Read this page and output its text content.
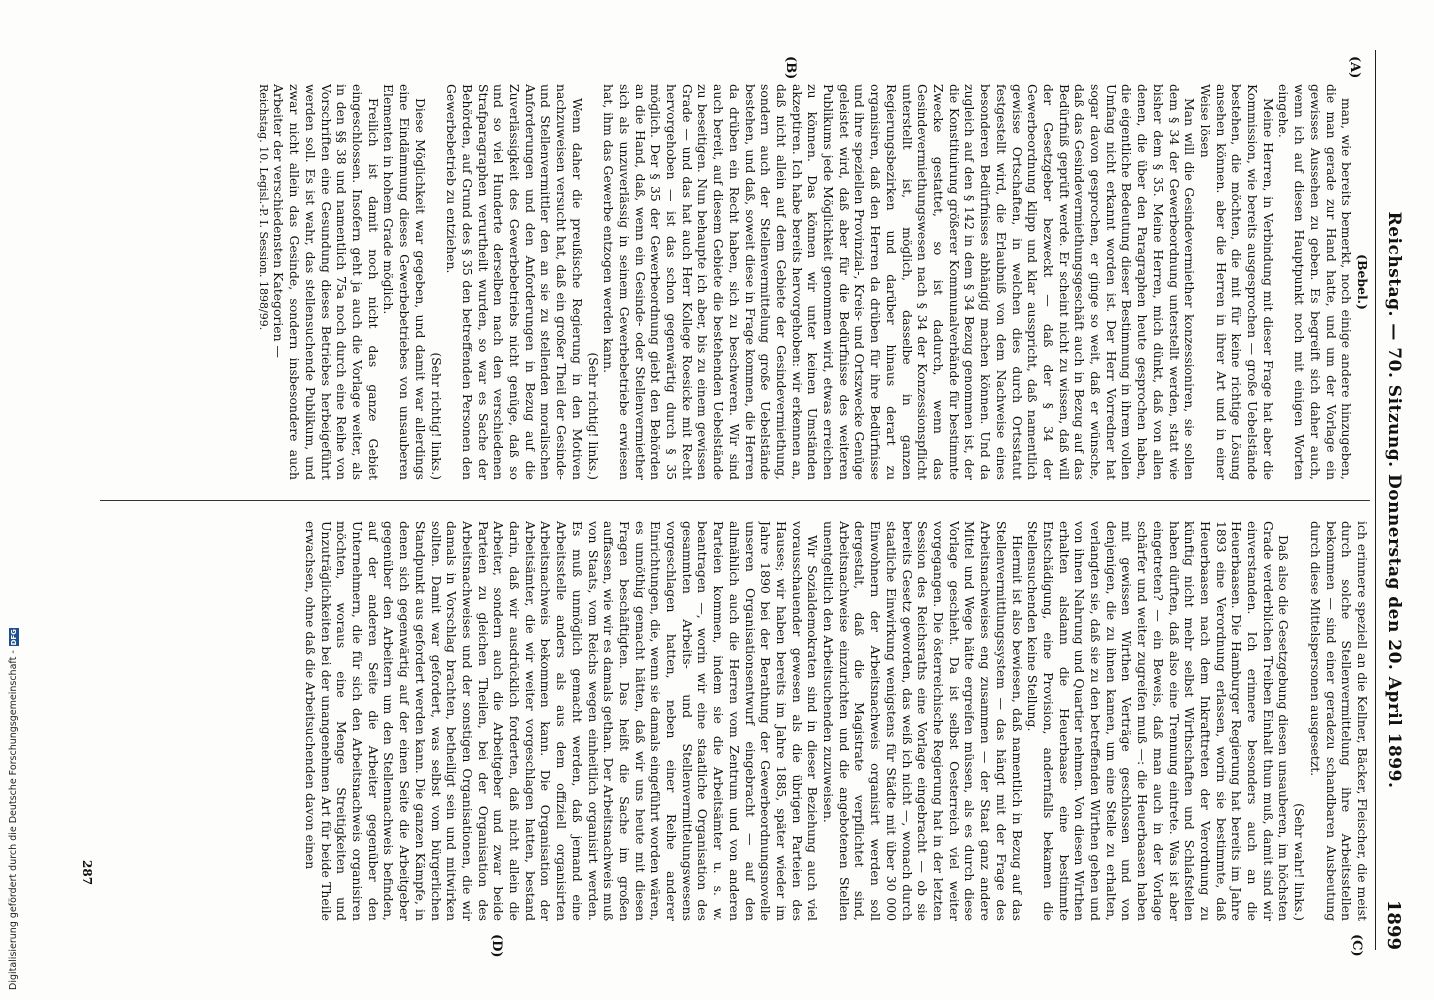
Reichstag. — 70. Sitzung. Donnerstag den 20. April 1899.
1899
(A)
(B)
(C)
(D)

(Bebel.)

man, wie bereits bemerkt, noch einige andere hinzugeben, die man gerade zur Hand hatte, und um der Vorlage ein gewisses Aussehen zu geben. Es begreift sich daher auch, wenn ich auf diesen Hauptpunkt noch mit einigen Worten eingehe.

Meine Herren, in Verbindung mit dieser Frage hat aber die Kommission, wie bereits ausgesprochen — große Uebelstände bestehen, die möchten, die mit für keine richtige Lösung ansehen können. aber die Herren in ihrer Art und in einer Weise lösen

Man will die Gesindevermiether konzessioniren, sie sollen dem § 34 der Gewerbeordnung unterstellt werden, statt wie bisher dem § 35. Meine Herren, mich dünkt, daß von allen denen, die über den Paragraphen heute gesprochen haben, die eigentliche Bedeutung dieser Bestimmung in ihrem vollen Umfang nicht erkannt worden ist. Der Herr Vorredner hat sogar davon gesprochen, er ginge so weit, daß er wünsche, daß das Gesindevermiethungsgeschäft auch in Bezug auf das Bedürfniß geprüft werde. Er scheint nicht zu wissen, daß will der Gesetzgeber bezweckt — daß der § 34 der Gewerbeordnung klipp und klar ausspricht, daß namentlich gewisse Ortschaften, in welchen dies durch Ortsstatut festgestellt wird, die Erlaubniß von dem Nachweise eines besonderen Bedürfnisses abhängig machen können. Und da zugleich auf den § 142 in dem § 34 Bezug genommen ist, der die Konstituirung größerer Kommunalverbände für bestimmte Zwecke gestattet, so ist dadurch, wenn das Gesindevermiethungswesen nach § 34 der Konzessionspflicht unterstellt ist, möglich, dasselbe in ganzen Regierungsbezirken und darüber hinaus derart zu organisiren, daß den Herren da drüben für ihre Bedürfnisse und ihre speziellen Provinzial-, Kreis- und Ortszwecke Genüge geleistet wird, daß aber für die Bedürfnisse des weiteren Publikums jede Möglichkeit genommen wird, etwas erreichen zu können. Das können wir unter keinen Umständen akzeptiren. Ich habe bereits hervorgehoben: wir erkennen an, daß nicht allein auf dem Gebiete der Gesindevermiethung, sondern auch der Stellenvermittelung große Uebelstände bestehen, und daß, soweit diese in Frage kommen, die Herren da drüben ein Recht haben, sich zu beschweren. Wir sind auch bereit, auf diesem Gebiete die bestehenden Uebelstände zu beseitigen. Nun behaupte ich aber, bis zu einem gewissen Grade — und das hat auch Herr Kollege Roesicke mit Recht hervorgehoben — ist das schon gegenwärtig durch § 35 möglich. Der § 35 der Gewerbeordnung giebt den Behörden an die Hand, daß, wenn ein Gesinde- oder Stellenvermiether sich als unzuverlässig in seinem Gewerbebetriebe erwiesen hat, ihm das Gewerbe entzogen werden kann.

(Sehr richtig! links.)

Wenn daher die preußische Regierung in den Motiven nachzuweisen versucht hat, daß ein großer Theil der Gesinde- und Stellenvermittler den an sie zu stellenden moralischen Anforderungen und den Anforderungen in Bezug auf die Zuverlässigkeit des Gewerbebetriebs nicht genüge, daß so und so viel Hunderte derselben nach den verschiedenen Strafparagraphen verurtheilt wurden, so war es Sache der Behörden, auf Grund des § 35 den betreffenden Personen den Gewerbebetrieb zu entziehen.

(Sehr richtig! links.)

Diese Möglichkeit war gegeben, und damit war allerdings eine Eindämmung dieses Gewerbebetriebes von unsauberen Elementen in hohem Grade möglich.

Freilich ist damit noch nicht das ganze Gebiet eingeschlossen. Insofern geht ja auch die Vorlage weiter, als in den §§ 38 und namentlich 75a noch durch eine Reihe von Vorschriften eine Gesundung dieses Betriebes herbeigeführt werden soll. Es ist wahr, das stellensuchende Publikum, und zwar nicht allein das Gesinde, sondern insbesondere auch Arbeiter der verschiedensten Kategorien —

Reichstag. 10. Legisl.-P. I. Session. 1898/99.

ich erinnere speziell an die Kellner, Bäcker, Fleischer, die meist durch solche Stellenvermittelung ihre Arbeitsstellen bekommen — sind einer geradezu schandbaren Ausbeutung durch diese Mittelspersonen ausgesetzt.

(Sehr wahr! links.)

Daß also die Gesetzgebung diesen unsauberen, im höchsten Grade verderblichen Treiben Einhalt thun muß, damit sind wir einverstanden. Ich erinnere besonders auch an die Heuerbaasen. Die Hamburger Regierung hat bereits im Jahre 1893 eine Verordnung erlassen, worin sie bestimmte, daß Heuerbaasen nach dem Inkrafttreten der Verordnung zu künftig nicht mehr selbst Wirthschaften und Schlafstellen haben dürften, daß also eine Trennung eintrete. Was ist aber eingetreten? — ein Beweis, daß man auch in der Vorlage schärfer und weiter zugreifen muß —: die Heuerbaasen haben mit gewissen Wirthen Verträge geschlossen und von denjenigen, die zu ihnen kamen, um eine Stelle zu erhalten, verlangten sie, daß sie zu den betreffenden Wirthen gehen und von ihnen Nahrung und Quartier nehmen. Von diesen Wirthen erhalten alsdann die Heuerbaase eine bestimmte Entschädigung, eine Provision, andernfalls bekamen die Stellensuchenden keine Stellung.

Hiermit ist also bewiesen, daß namentlich in Bezug auf das Stellenvermittlungssystem — das hängt mit der Frage des Arbeitsnachweises eng zusammen — der Staat ganz andere Mittel und Wege hätte ergreifen müssen, als es durch diese Vorlage geschieht. Da ist selbst Oesterreich viel weiter vorgegangen. Die österreichische Regierung hat in der letzten Session des Reichsraths eine Vorlage eingebracht — ob sie bereits Gesetz geworden, das weiß ich nicht —, wonach durch staatliche Einwirkung wenigstens für Städte mit über 30 000 Einwohnern der Arbeitsnachweis organisirt werden soll dergestalt, daß die Magistrate verpflichtet sind, Arbeitsnachweise einzurichten und die angebotenen Stellen unentgeltlich den Arbeitsuchenden zuzuweisen.

Wir Sozialdemokraten sind in dieser Beziehung auch viel vorausschauender gewesen als die übrigen Parteien des Hauses; wir haben bereits im Jahre 1885, später wieder im Jahre 1890 bei der Berathung der Gewerbeordnungsnovelle unseren Organisationsentwurf eingebracht — auf den allmählich auch die Herren vom Zentrum und von anderen Parteien kommen, indem sie die Arbeitsämter u. s. w. beantragen —, worin wir eine staatliche Organisation des gesammten Arbeits- und Stellenvermittelungswesens vorgeschlagen hatten, neben einer Reihe anderer Einrichtungen, die, wenn sie damals eingeführt worden wären, es unnöthig gemacht hätten, daß wir uns heute mit diesen Fragen beschäftigten. Das heißt die Sache im großen auffassen, wie wir es damals gethan. Der Arbeitsnachweis muß von Staats, vom Reichs wegen einheitlich organisirt werden. Es muß unmöglich gemacht werden, daß jemand eine Arbeitsstelle anders als aus dem offiziell organisirten Arbeitsnachweis bekommen kann. Die Organisation der Arbeitsämter, die wir weiter vorgeschlagen hatten, bestand darin, daß wir ausdrücklich forderten, daß nicht allein die Arbeiter, sondern auch die Arbeitgeber und zwar beide Parteien zu gleichen Theilen, bei der Organisation des Arbeitsnachweises und der sonstigen Organisationen, die wir damals in Vorschlag brachten, betheiligt sein und mitwirken sollten. Damit war gefordert, was selbst vom bürgerlichen Standpunkt aus gefordert werden kann. Die ganzen Kämpfe, in denen sich gegenwärtig auf der einen Seite die Arbeitgeber gegenüber den Arbeitern um den Stellennachweis befinden, auf der anderen Seite die Arbeiter gegenüber den Unternehmern, die für sich den Arbeitsnachweis organisiren möchten, woraus eine Menge Streitigkeiten und Unzuträglichkeiten bei der unangenehmen Art für beide Theile erwachsen, ohne daß die Arbeitsuchenden davon einen

287
Digitalisierung gefördert durch die Deutsche Forschungsgemeinschaft -
DFG
